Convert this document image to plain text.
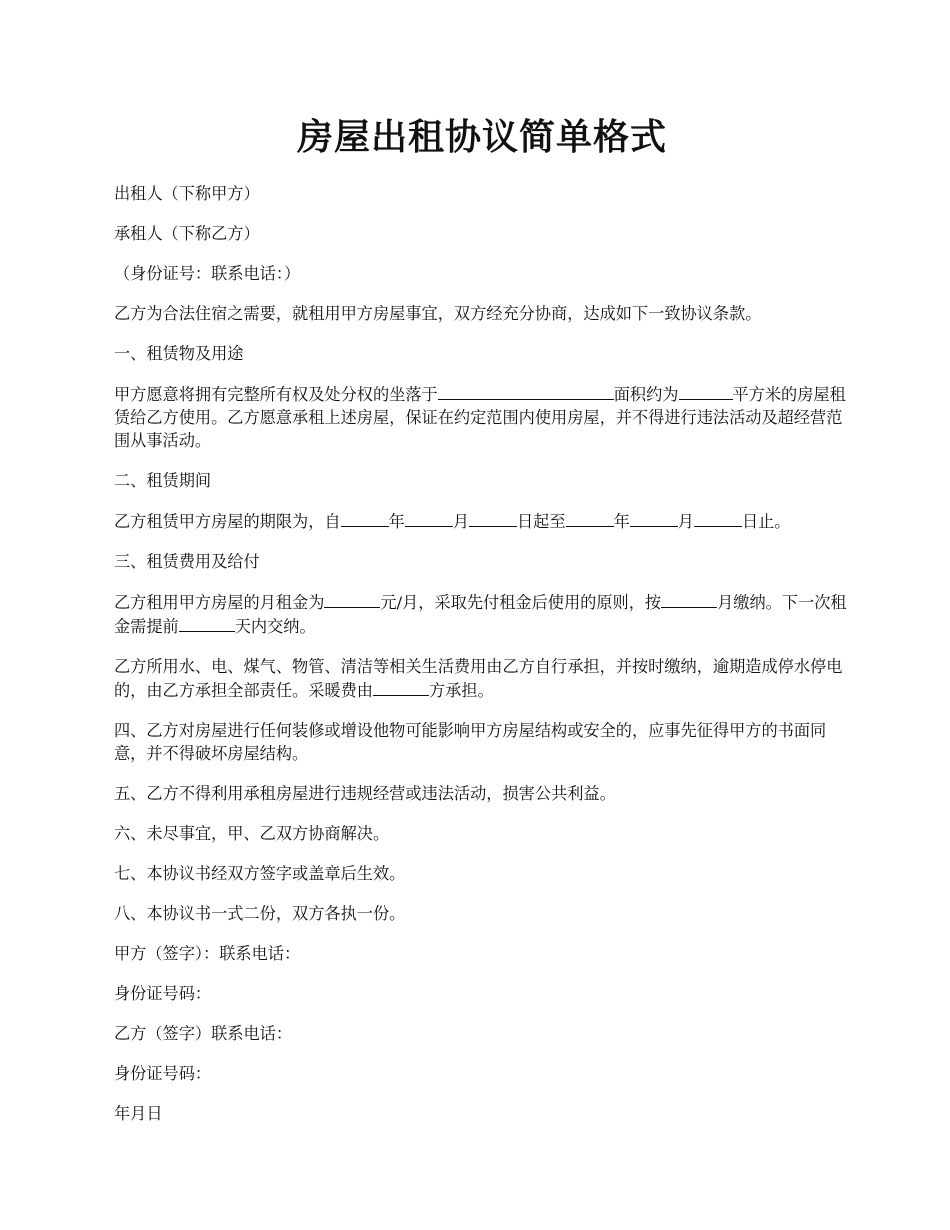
房屋出租协议简单格式

出租人（下称甲方）

承租人（下称乙方）

（身份证号：联系电话：）

乙方为合法住宿之需要，就租用甲方房屋事宜，双方经充分协商，达成如下一致协议条款。

一、租赁物及用途

甲方愿意将拥有完整所有权及处分权的坐落于	面积约为	平方米的房屋租赁给乙方使用。乙方愿意承租上述房屋，保证在约定范围内使用房屋，并不得进行违法活动及超经营范围从事活动。

二、租赁期间

乙方租赁甲方房屋的期限为，自	年	月	日起至	年	月	日止。

三、租赁费用及给付

乙方租用甲方房屋的月租金为	元/月，采取先付租金后使用的原则，按	月缴纳。下一次租金需提前	天内交纳。

乙方所用水、电、煤气、物管、清洁等相关生活费用由乙方自行承担，并按时缴纳，逾期造成停水停电的，由乙方承担全部责任。采暖费由	方承担。

四、乙方对房屋进行任何装修或增设他物可能影响甲方房屋结构或安全的，应事先征得甲方的书面同意，并不得破坏房屋结构。

五、乙方不得利用承租房屋进行违规经营或违法活动，损害公共利益。

六、未尽事宜，甲、乙双方协商解决。

七、本协议书经双方签字或盖章后生效。

八、本协议书一式二份，双方各执一份。

甲方（签字）：联系电话：

身份证号码：

乙方（签字）联系电话：

身份证号码：

年月日
